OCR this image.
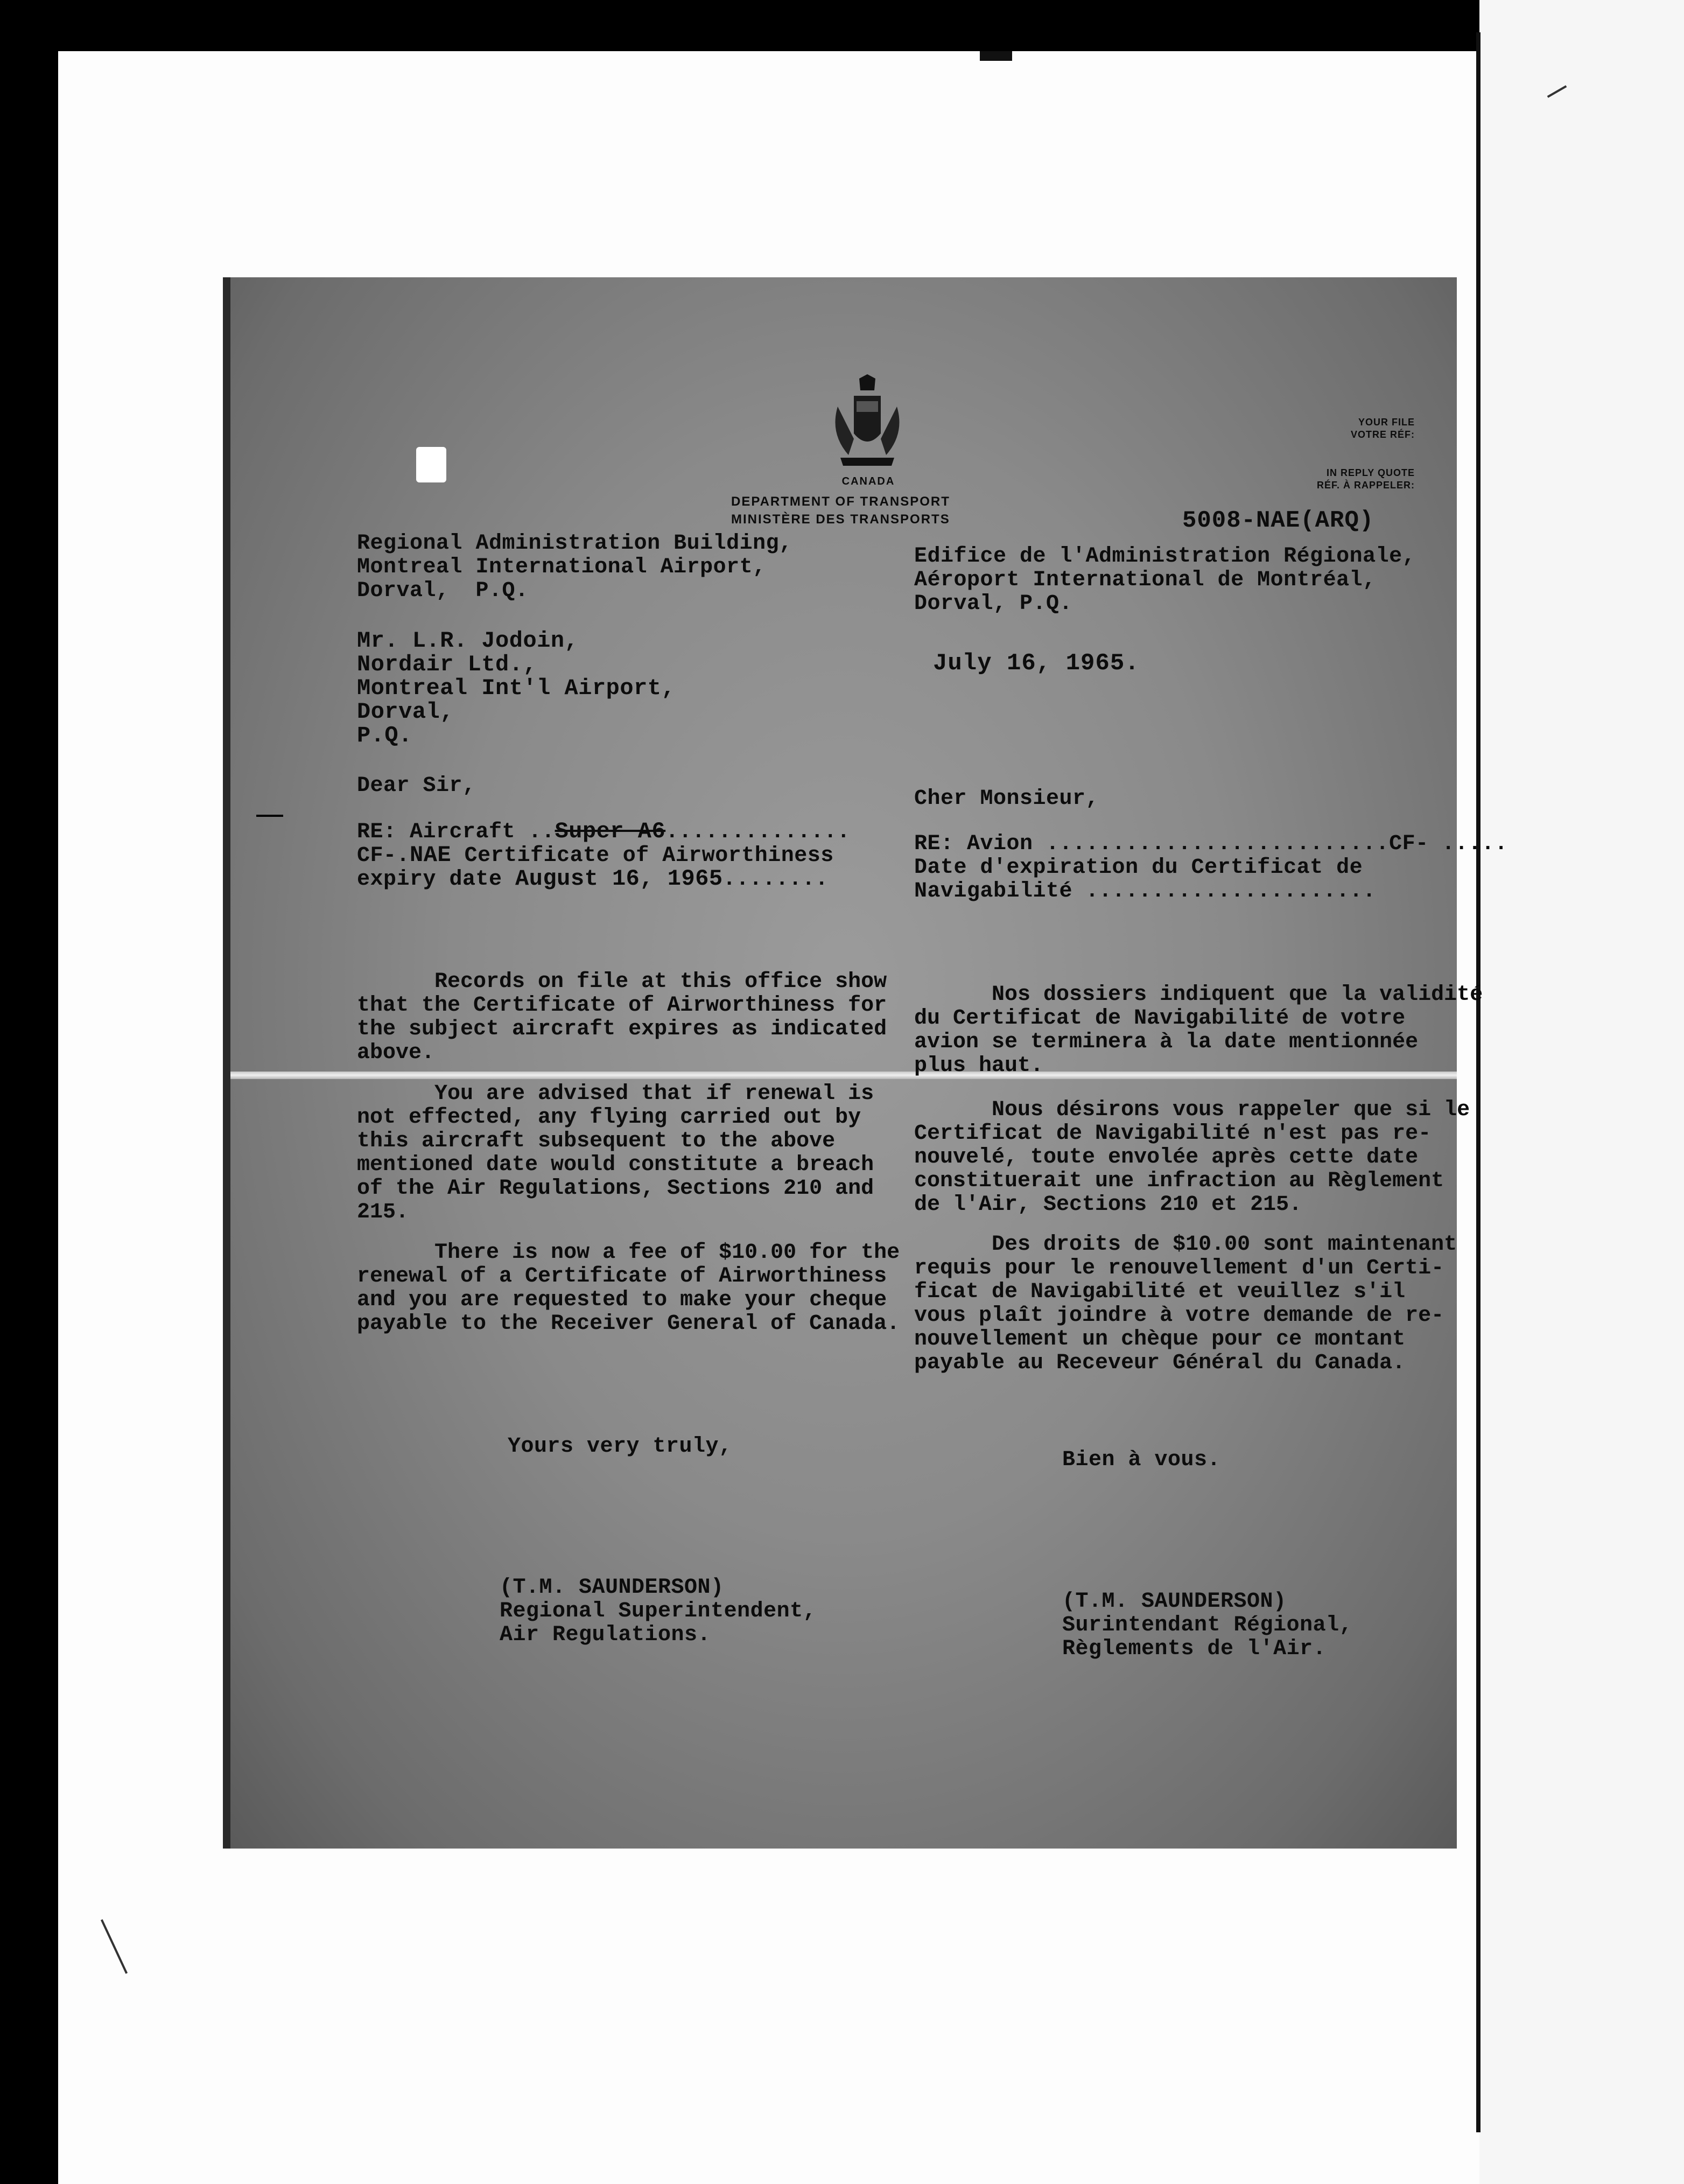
CANADA
DEPARTMENT OF TRANSPORT
MINISTÈRE DES TRANSPORTS
YOUR FILE
VOTRE RÉF:
IN REPLY QUOTE
RÉF. À RAPPELER:
5008-NAE(ARQ)
Regional Administration Building,
Montreal International Airport,
Dorval,  P.Q.
Edifice de l'Administration Régionale,
Aéroport International de Montréal,
Dorval, P.Q.
Mr. L.R. Jodoin,
Nordair Ltd.,
Montreal Int'l Airport,
Dorval,
P.Q.
July 16, 1965.
Dear Sir,
Cher Monsieur,
RE: Aircraft ..Super A6..............
CF-.NAE Certificate of Airworthiness
expiry date August 16, 1965........
RE: Avion ..........................CF- .....
Date d'expiration du Certificat de
Navigabilité ......................
Records on file at this office show
that the Certificate of Airworthiness for
the subject aircraft expires as indicated
above.
You are advised that if renewal is
not effected, any flying carried out by
this aircraft subsequent to the above
mentioned date would constitute a breach
of the Air Regulations, Sections 210 and
215.
There is now a fee of $10.00 for the
renewal of a Certificate of Airworthiness
and you are requested to make your cheque
payable to the Receiver General of Canada.
Nos dossiers indiquent que la validité
du Certificat de Navigabilité de votre
avion se terminera à la date mentionnée
plus haut.
Nous désirons vous rappeler que si le
Certificat de Navigabilité n'est pas re-
nouvelé, toute envolée après cette date
constituerait une infraction au Règlement
de l'Air, Sections 210 et 215.
Des droits de $10.00 sont maintenant
requis pour le renouvellement d'un Certi-
ficat de Navigabilité et veuillez s'il
vous plaît joindre à votre demande de re-
nouvellement un chèque pour ce montant
payable au Receveur Général du Canada.
Yours very truly,
Bien à vous.
(T.M. SAUNDERSON)
Regional Superintendent,
Air Regulations.
(T.M. SAUNDERSON)
Surintendant Régional,
Règlements de l'Air.
